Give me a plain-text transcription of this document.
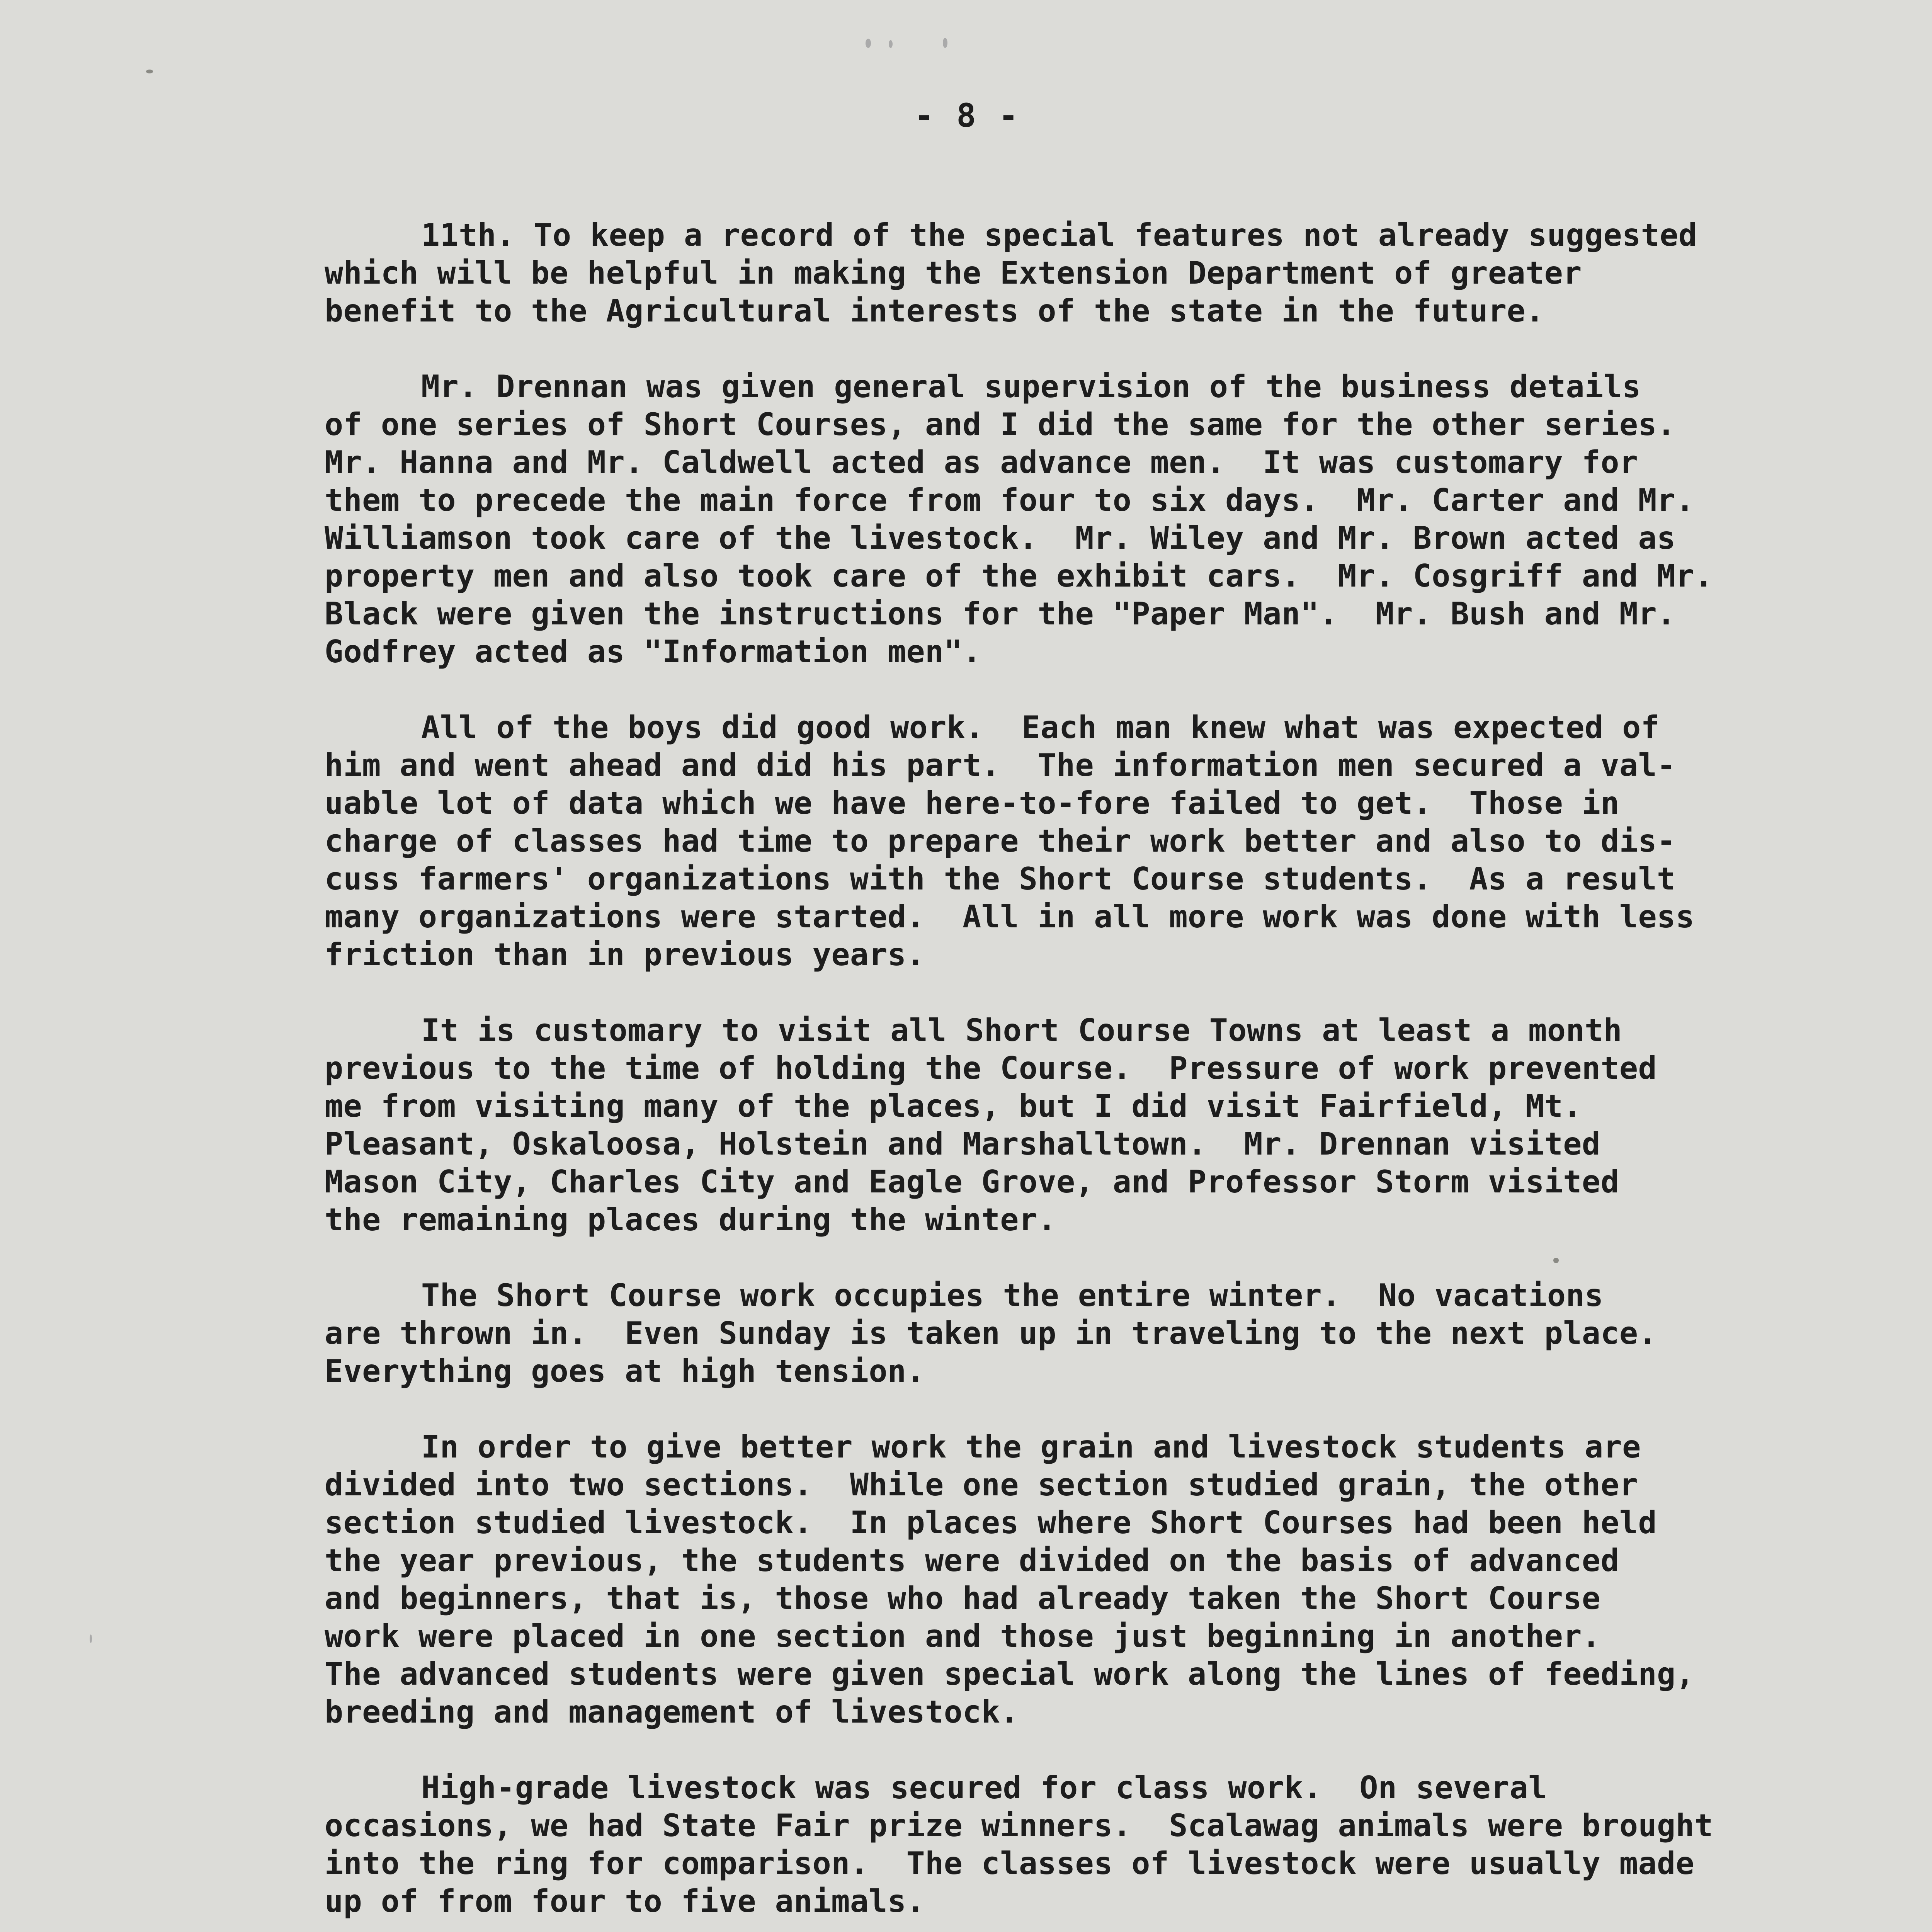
- 8 -
11th. To keep a record of the special features not already suggested
which will be helpful in making the Extension Department of greater
benefit to the Agricultural interests of the state in the future.
Mr. Drennan was given general supervision of the business details
of one series of Short Courses, and I did the same for the other series.
Mr. Hanna and Mr. Caldwell acted as advance men.  It was customary for
them to precede the main force from four to six days.  Mr. Carter and Mr.
Williamson took care of the livestock.  Mr. Wiley and Mr. Brown acted as
property men and also took care of the exhibit cars.  Mr. Cosgriff and Mr.
Black were given the instructions for the "Paper Man".  Mr. Bush and Mr.
Godfrey acted as "Information men".
All of the boys did good work.  Each man knew what was expected of
him and went ahead and did his part.  The information men secured a val-
uable lot of data which we have here-to-fore failed to get.  Those in
charge of classes had time to prepare their work better and also to dis-
cuss farmers' organizations with the Short Course students.  As a result
many organizations were started.  All in all more work was done with less
friction than in previous years.
It is customary to visit all Short Course Towns at least a month
previous to the time of holding the Course.  Pressure of work prevented
me from visiting many of the places, but I did visit Fairfield, Mt.
Pleasant, Oskaloosa, Holstein and Marshalltown.  Mr. Drennan visited
Mason City, Charles City and Eagle Grove, and Professor Storm visited
the remaining places during the winter.
The Short Course work occupies the entire winter.  No vacations
are thrown in.  Even Sunday is taken up in traveling to the next place.
Everything goes at high tension.
In order to give better work the grain and livestock students are
divided into two sections.  While one section studied grain, the other
section studied livestock.  In places where Short Courses had been held
the year previous, the students were divided on the basis of advanced
and beginners, that is, those who had already taken the Short Course
work were placed in one section and those just beginning in another.
The advanced students were given special work along the lines of feeding,
breeding and management of livestock.
High-grade livestock was secured for class work.  On several
occasions, we had State Fair prize winners.  Scalawag animals were brought
into the ring for comparison.  The classes of livestock were usually made
up of from four to five animals.
